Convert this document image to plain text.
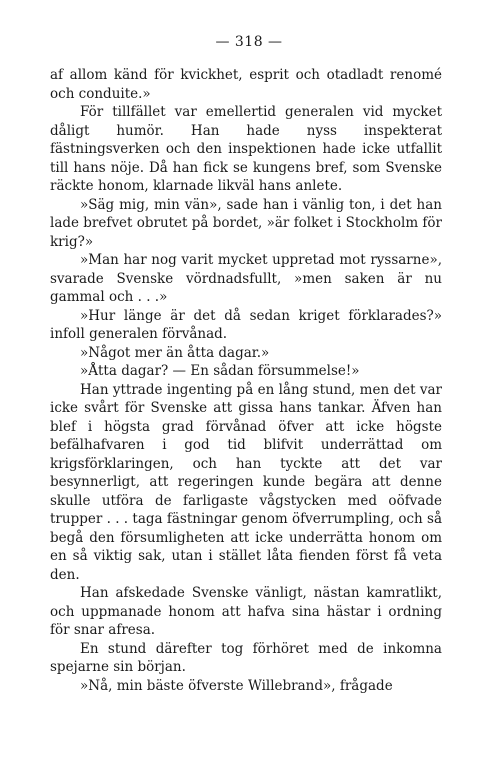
— 318 —

af allom känd för kvickhet, esprit och otadladt renomé och conduite.»

För tillfället var emellertid generalen vid mycket dåligt humör. Han hade nyss inspekterat fästningsverken och den inspektionen hade icke utfallit till hans nöje. Då han fick se kungens bref, som Svenske räckte honom, klarnade likväl hans anlete.

»Säg mig, min vän», sade han i vänlig ton, i det han lade brefvet obrutet på bordet, »är folket i Stockholm för krig?»

»Man har nog varit mycket uppretad mot ryssarne», svarade Svenske vördnadsfullt, »men saken är nu gammal och . . .»

»Hur länge är det då sedan kriget förklarades?» infoll generalen förvånad.

»Något mer än åtta dagar.»

»Åtta dagar? — En sådan försummelse!»

Han yttrade ingenting på en lång stund, men det var icke svårt för Svenske att gissa hans tankar. Äfven han blef i högsta grad förvånad öfver att icke högste befälhafvaren i god tid blifvit underrättad om krigsförklaringen, och han tyckte att det var besynnerligt, att regeringen kunde begära att denne skulle utföra de farligaste vågstycken med oöfvade trupper . . . taga fästningar genom öfverrumpling, och så begå den försumligheten att icke underrätta honom om en så viktig sak, utan i stället låta fienden först få veta den.

Han afskedade Svenske vänligt, nästan kamratlikt, och uppmanade honom att hafva sina hästar i ordning för snar afresa.

En stund därefter tog förhöret med de inkomna spejarne sin början.

»Nå, min bäste öfverste Willebrand», frågade
